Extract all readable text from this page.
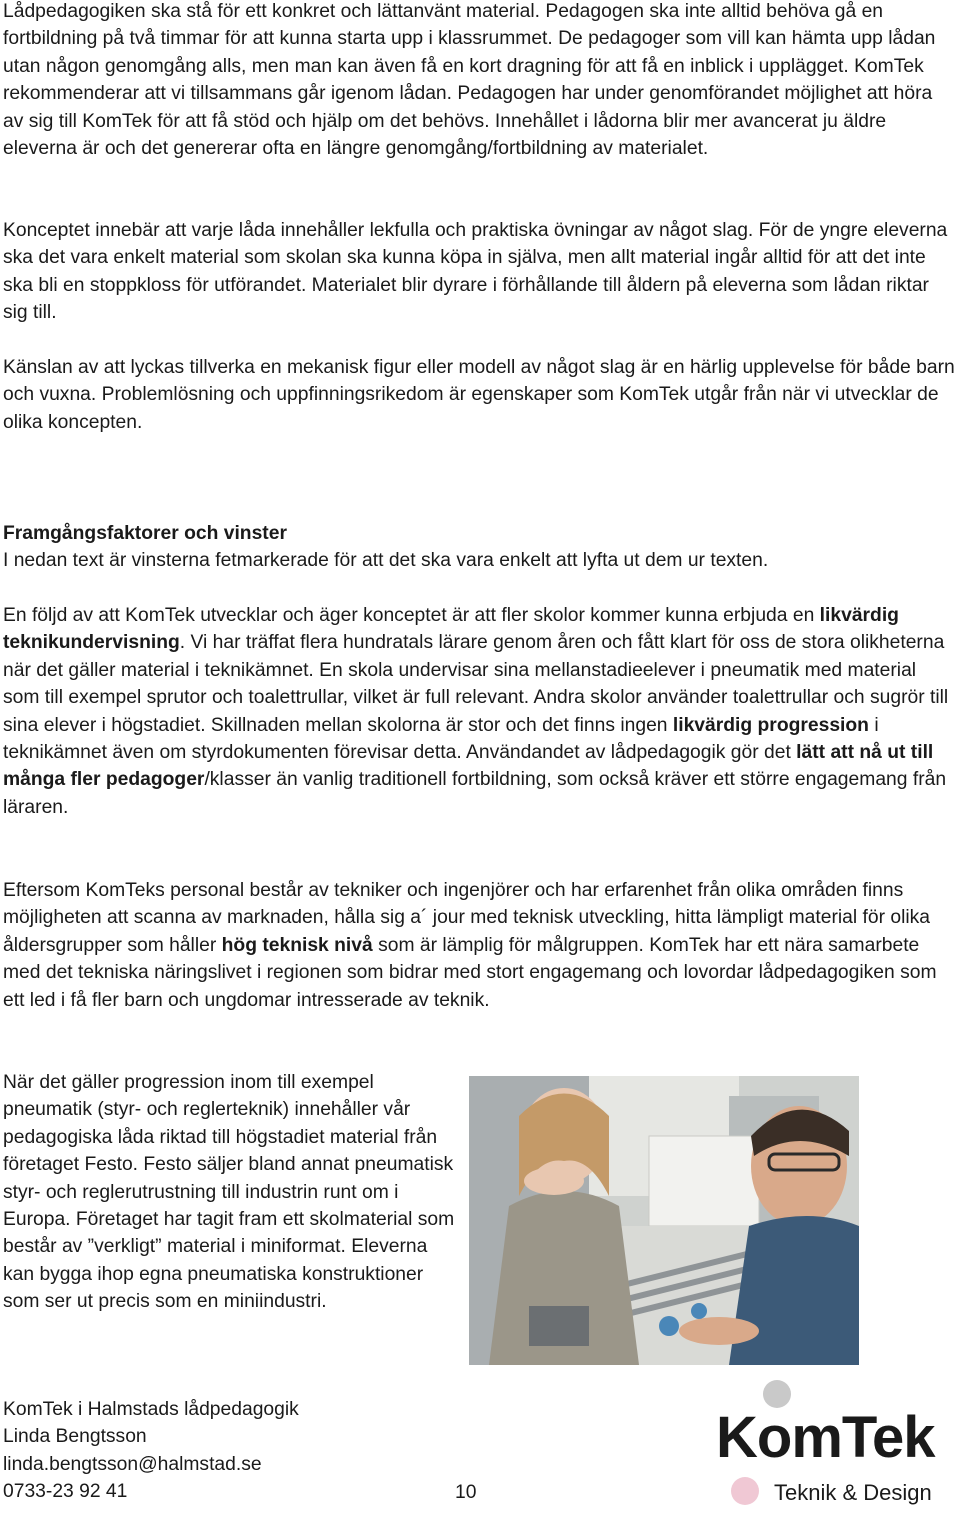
Lådpedagogiken ska stå för ett konkret och lättanvänt material. Pedagogen ska inte alltid behöva gå en fortbildning på två timmar för att kunna starta upp i klassrummet. De pedagoger som vill kan hämta upp lådan utan någon genomgång alls, men man kan även få en kort dragning för att få en inblick i upplägget. KomTek rekommenderar att vi tillsammans går igenom lådan. Pedagogen har under genomförandet möjlighet att höra av sig till KomTek för att få stöd och hjälp om det behövs. Innehållet i lådorna blir mer avancerat ju äldre eleverna är och det genererar ofta en längre genomgång/fortbildning av materialet.

Konceptet innebär att varje låda innehåller lekfulla och praktiska övningar av något slag. För de yngre eleverna ska det vara enkelt material som skolan ska kunna köpa in själva, men allt material ingår alltid för att det inte ska bli en stoppkloss för utförandet. Materialet blir dyrare i förhållande till åldern på eleverna som lådan riktar sig till.

Känslan av att lyckas tillverka en mekanisk figur eller modell av något slag är en härlig upplevelse för både barn och vuxna. Problemlösning och uppfinningsrikedom är egenskaper som KomTek utgår från när vi utvecklar de olika koncepten.

Framgångsfaktorer och vinster

I nedan text är vinsterna fetmarkerade för att det ska vara enkelt att lyfta ut dem ur texten.

En följd av att KomTek utvecklar och äger konceptet är att fler skolor kommer kunna erbjuda en likvärdig teknikundervisning. Vi har träffat flera hundratals lärare genom åren och fått klart för oss de stora olikheterna när det gäller material i teknikämnet. En skola undervisar sina mellanstadieelever i pneumatik med material som till exempel sprutor och toalettrullar, vilket är full relevant. Andra skolor använder toalettrullar och sugrör till sina elever i högstadiet. Skillnaden mellan skolorna är stor och det finns ingen likvärdig progression i teknikämnet även om styrdokumenten förevisar detta. Användandet av lådpedagogik gör det lätt att nå ut till många fler pedagoger/klasser än vanlig traditionell fortbildning, som också kräver ett större engagemang från läraren.

Eftersom KomTeks personal består av tekniker och ingenjörer och har erfarenhet från olika områden finns möjligheten att scanna av marknaden, hålla sig a´ jour med teknisk utveckling, hitta lämpligt material för olika åldersgrupper som håller hög teknisk nivå som är lämplig för målgruppen. KomTek har ett nära samarbete med det tekniska näringslivet i regionen som bidrar med stort engagemang och lovordar lådpedagogiken som ett led i få fler barn och ungdomar intresserade av teknik.

När det gäller progression inom till exempel pneumatik (styr- och reglerteknik) innehåller vår pedagogiska låda riktad till högstadiet material från företaget Festo. Festo säljer bland annat pneumatisk styr- och reglerutrustning till industrin runt om i Europa. Företaget har tagit fram ett skolmaterial som består av ”verkligt” material i miniformat. Eleverna kan bygga ihop egna pneumatiska konstruktioner som ser ut precis som en miniindustri.

KomTek i Halmstads lådpedagogik
Linda Bengtsson
linda.bengtsson@halmstad.se
0733-23 92 41	10
KomTek
Teknik & Design
